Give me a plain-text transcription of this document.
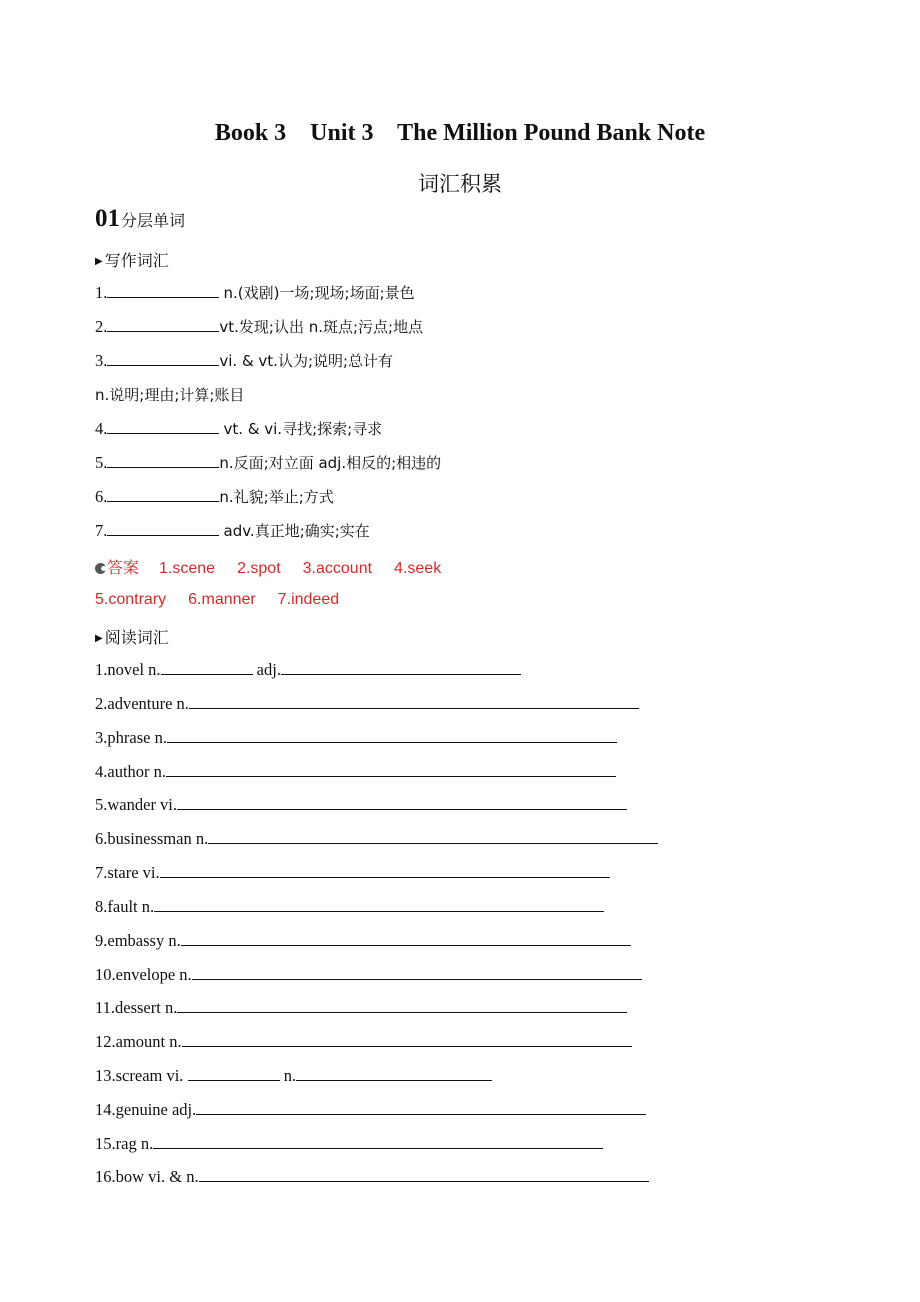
Book 3    Unit 3    The Million Pound Bank Note
词汇积累
01分层单词
▶ 写作词汇
1.	n.(戏剧)一场;现场;场面;景色
2.	vt.发现;认出 n.斑点;污点;地点
3.	vi. & vt.认为;说明;总计有
n.说明;理由;计算;账目
4.	vt. & vi.寻找;探索;寻求
5.	n.反面;对立面 adj.相反的;相违的
6.	n.礼貌;举止;方式
7.	adv.真正地;确实;实在
答案 1.scene 2.spot 3.account 4.seek
5.contrary 6.manner 7.indeed
▶ 阅读词汇
1.novel n.	adj.
2.adventure n.
3.phrase n.
4.author n.
5.wander vi.
6.businessman n.
7.stare vi.
8.fault n.
9.embassy n.
10.envelope n.
11.dessert n.
12.amount n.
13.scream vi.	n.
14.genuine adj.
15.rag n.
16.bow vi. & n.
